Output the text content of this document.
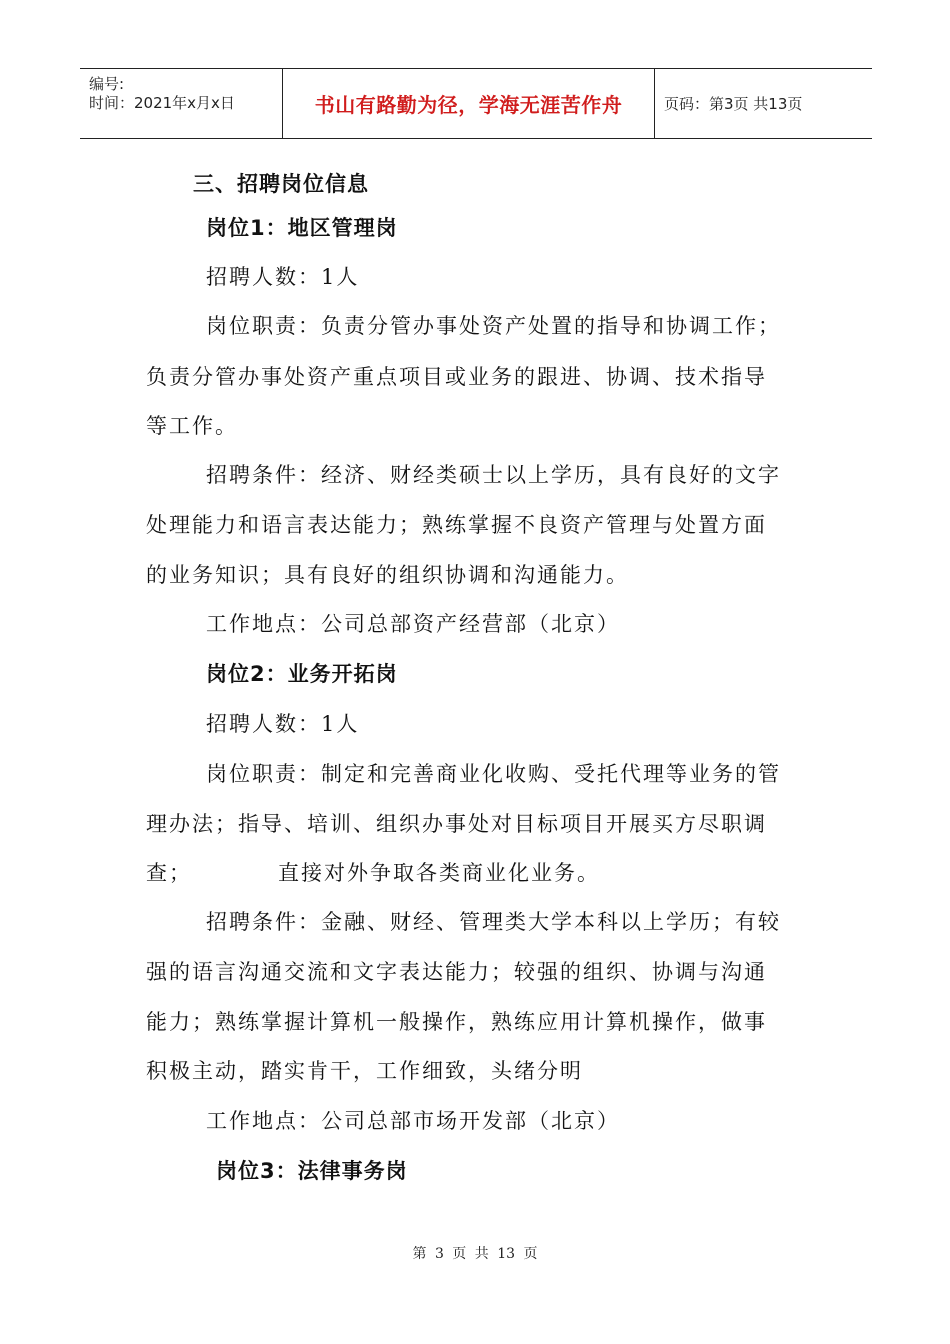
编号:
时间：2021年x月x日	书山有路勤为径，学海无涯苦作舟	页码：第3页 共13页
三、招聘岗位信息
岗位1：地区管理岗
招聘人数：1人
岗位职责：负责分管办事处资产处置的指导和协调工作；
负责分管办事处资产重点项目或业务的跟进、协调、技术指导
等工作。
招聘条件：经济、财经类硕士以上学历，具有良好的文字
处理能力和语言表达能力；熟练掌握不良资产管理与处置方面
的业务知识；具有良好的组织协调和沟通能力。
工作地点：公司总部资产经营部（北京）
岗位2：业务开拓岗
招聘人数：1人
岗位职责：制定和完善商业化收购、受托代理等业务的管
理办法；指导、培训、组织办事处对目标项目开展买方尽职调
查；	直接对外争取各类商业化业务。
招聘条件：金融、财经、管理类大学本科以上学历；有较
强的语言沟通交流和文字表达能力；较强的组织、协调与沟通
能力；熟练掌握计算机一般操作，熟练应用计算机操作，做事
积极主动，踏实肯干，工作细致，头绪分明
工作地点：公司总部市场开发部（北京）
岗位3：法律事务岗
第 3 页 共 13 页
